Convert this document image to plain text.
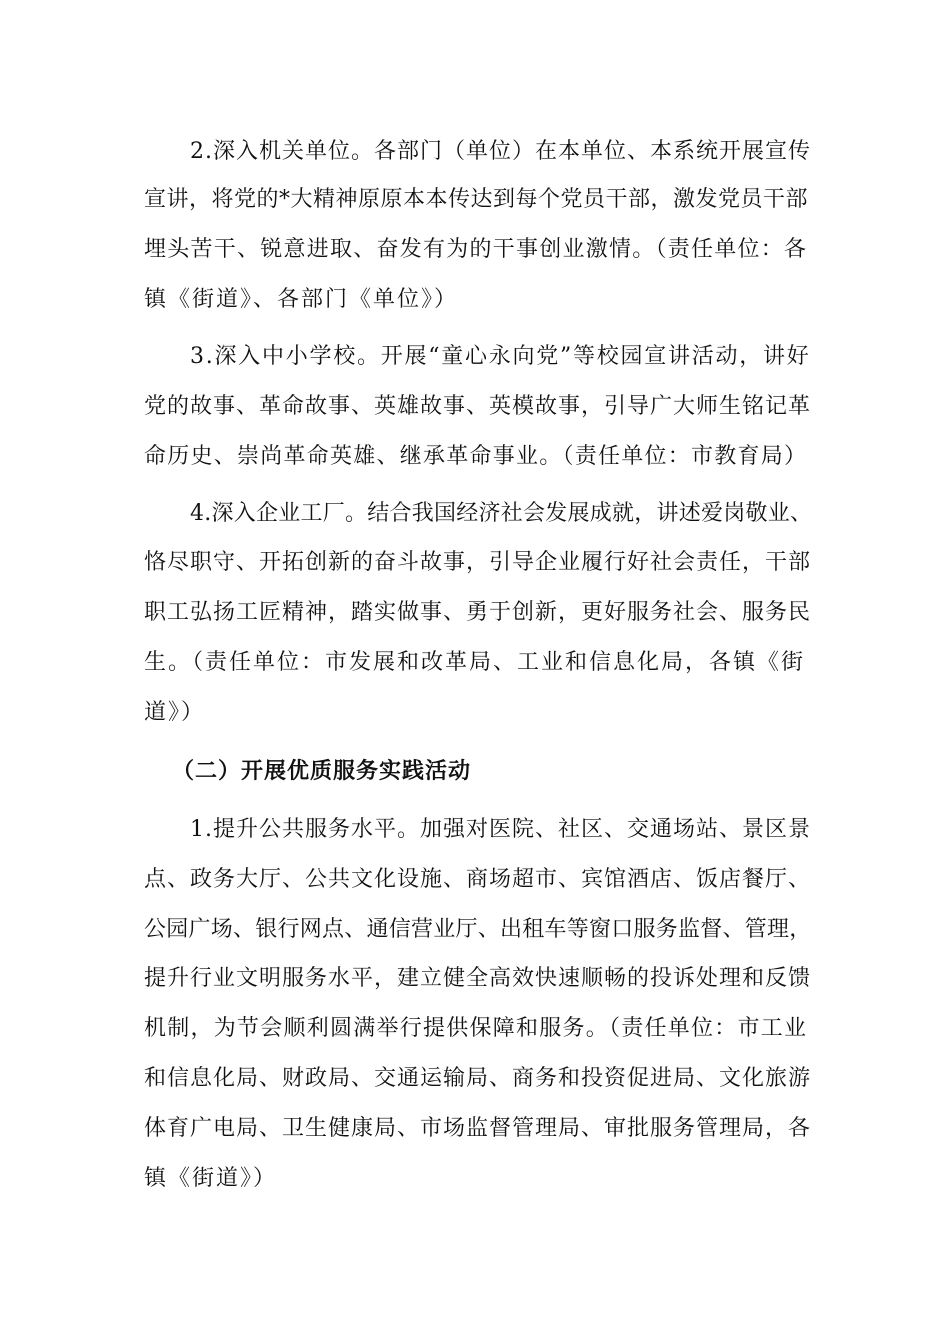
2.深入机关单位。各部门（单位）在本单位、本系统开展宣传
宣讲，将党的*大精神原原本本传达到每个党员干部，激发党员干部
埋头苦干、锐意进取、奋发有为的干事创业激情。（责任单位：各
镇《街道》、各部门《单位》）
3.深入中小学校。开展“童心永向党”等校园宣讲活动，讲好
党的故事、革命故事、英雄故事、英模故事，引导广大师生铭记革
命历史、崇尚革命英雄、继承革命事业。（责任单位：市教育局）
4.深入企业工厂。结合我国经济社会发展成就，讲述爱岗敬业、
恪尽职守、开拓创新的奋斗故事，引导企业履行好社会责任，干部
职工弘扬工匠精神，踏实做事、勇于创新，更好服务社会、服务民
生。（责任单位：市发展和改革局、工业和信息化局，各镇《街
道》）
（二）开展优质服务实践活动
1.提升公共服务水平。加强对医院、社区、交通场站、景区景
点、政务大厅、公共文化设施、商场超市、宾馆酒店、饭店餐厅、
公园广场、银行网点、通信营业厅、出租车等窗口服务监督、管理，
提升行业文明服务水平，建立健全高效快速顺畅的投诉处理和反馈
机制，为节会顺利圆满举行提供保障和服务。（责任单位：市工业
和信息化局、财政局、交通运输局、商务和投资促进局、文化旅游
体育广电局、卫生健康局、市场监督管理局、审批服务管理局，各
镇《街道》）
